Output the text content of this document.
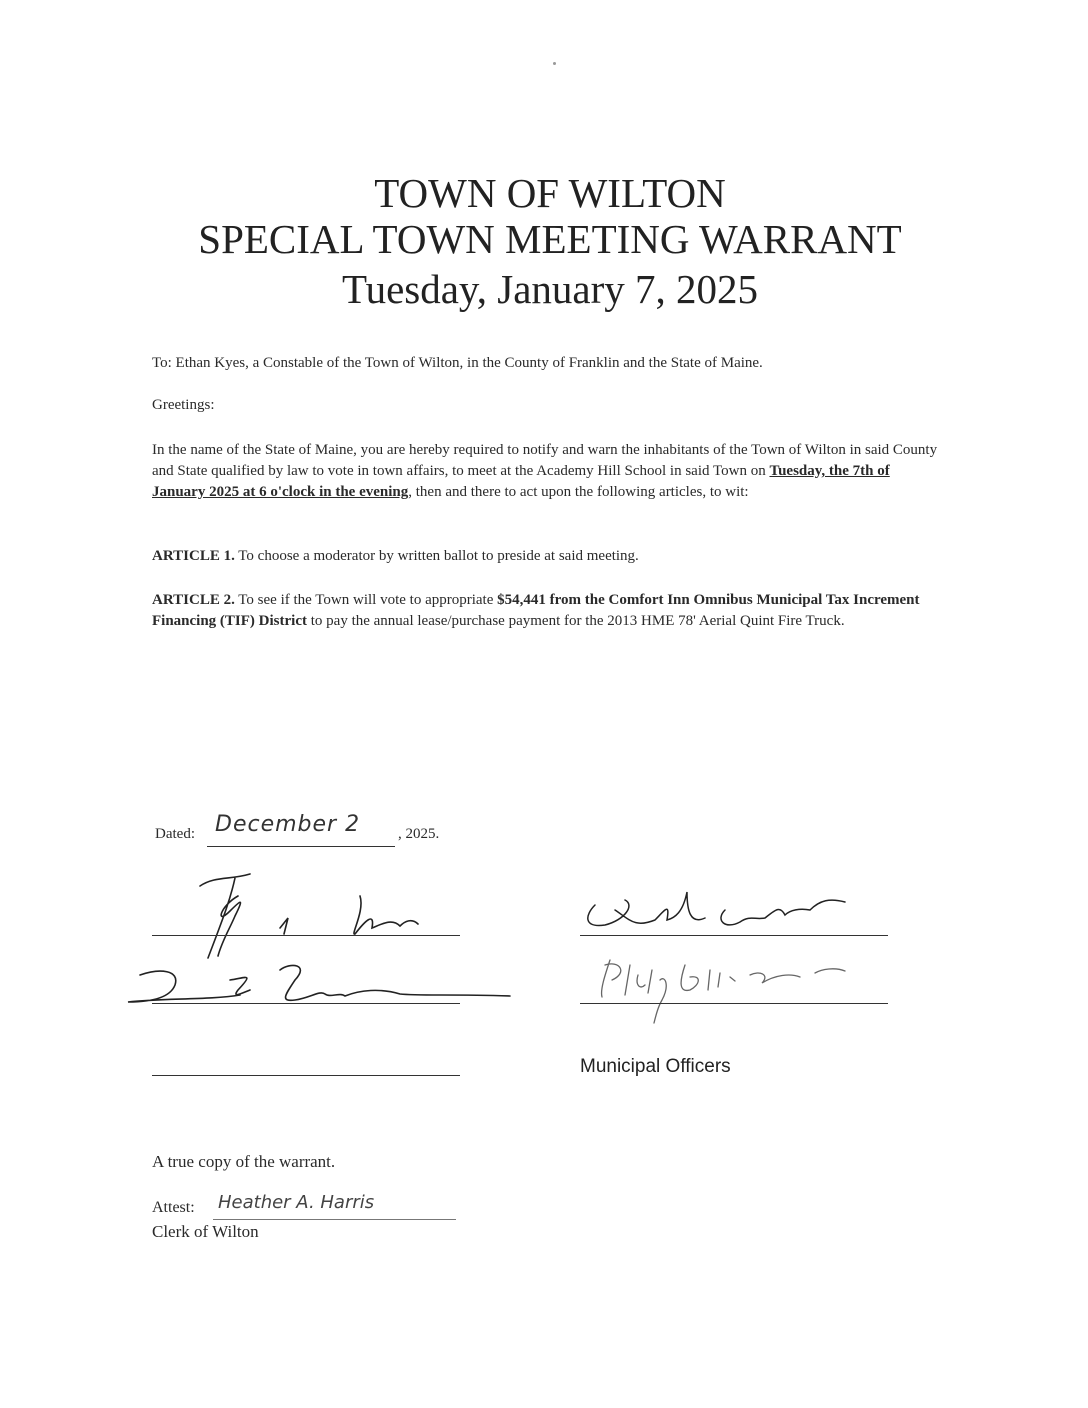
TOWN OF WILTON
SPECIAL TOWN MEETING WARRANT
Tuesday, January 7, 2025
To: Ethan Kyes, a Constable of the Town of Wilton, in the County of Franklin and the State of Maine.
Greetings:
In the name of the State of Maine, you are hereby required to notify and warn the inhabitants of the Town of Wilton in said County and State qualified by law to vote in town affairs, to meet at the Academy Hill School in said Town on Tuesday, the 7th of January 2025 at 6 o'clock in the evening, then and there to act upon the following articles, to wit:
ARTICLE 1. To choose a moderator by written ballot to preside at said meeting.
ARTICLE 2. To see if the Town will vote to appropriate $54,441 from the Comfort Inn Omnibus Municipal Tax Increment Financing (TIF) District to pay the annual lease/purchase payment for the 2013 HME 78' Aerial Quint Fire Truck.
Dated: December 2	, 2025.
Municipal Officers
A true copy of the warrant.
Attest: Heather A. Harris
Clerk of Wilton
